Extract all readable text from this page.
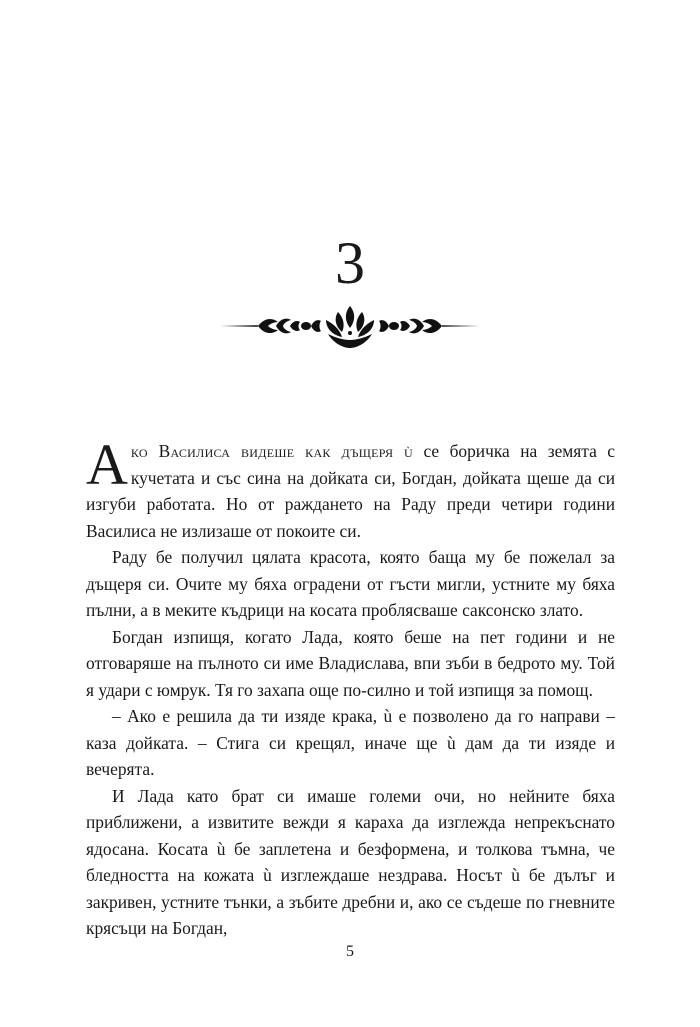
3

Ако Василиса видеше как дъщеря ù се боричка на земята с кучетата и със сина на дойката си, Богдан, дойката щеше да си изгуби работата. Но от раждането на Раду преди четири години Василиса не излизаше от покоите си.

Раду бе получил цялата красота, която баща му бе пожелал за дъщеря си. Очите му бяха оградени от гъсти мигли, устните му бяха пълни, а в меките къдрици на косата проблясваше саксонско злато.

Богдан изпищя, когато Лада, която беше на пет години и не отговаряше на пълното си име Владислава, впи зъби в бедрото му. Той я удари с юмрук. Тя го захапа още по-силно и той изпищя за помощ.

– Ако е решила да ти изяде крака, ù е позволено да го направи – каза дойката. – Стига си крещял, иначе ще ù дам да ти изяде и вечерята.

И Лада като брат си имаше големи очи, но нейните бяха приближени, а извитите вежди я караха да изглежда непрекъснато ядосана. Косата ù бе заплетена и безформена, и толкова тъмна, че бледността на кожата ù изглеждаше нездрава. Носът ù бе дълъг и закривен, устните тънки, а зъбите дребни и, ако се съдеше по гневните крясъци на Богдан,

5
